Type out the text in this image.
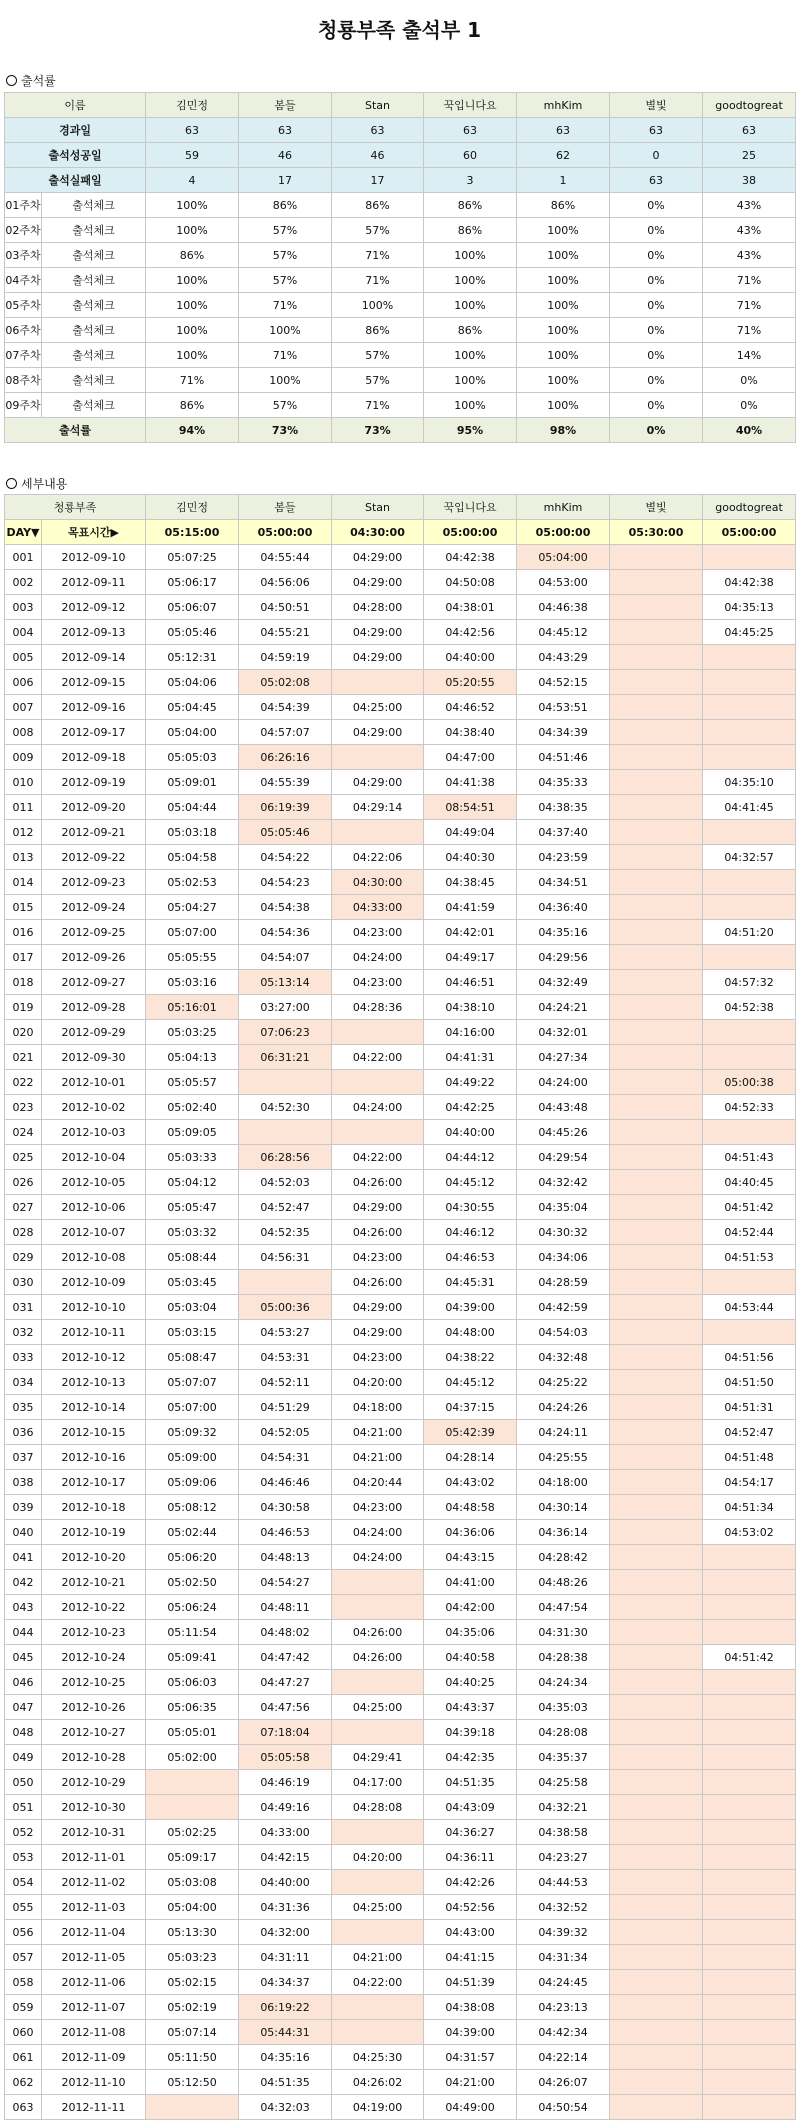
청룡부족 출석부 1
출석률
이름		김민정	봄들	Stan	꾹입니다요	mhKim	별빛	goodtogreat
경과일		63	63	63	63	63	63	63
출석성공일		59	46	46	60	62	0	25
출석실패일		4	17	17	3	1	63	38
01주차	출석체크	100%	86%	86%	86%	86%	0%	43%
02주차	출석체크	100%	57%	57%	86%	100%	0%	43%
03주차	출석체크	86%	57%	71%	100%	100%	0%	43%
04주차	출석체크	100%	57%	71%	100%	100%	0%	71%
05주차	출석체크	100%	71%	100%	100%	100%	0%	71%
06주차	출석체크	100%	100%	86%	86%	100%	0%	71%
07주차	출석체크	100%	71%	57%	100%	100%	0%	14%
08주차	출석체크	71%	100%	57%	100%	100%	0%	0%
09주차	출석체크	86%	57%	71%	100%	100%	0%	0%
출석률		94%	73%	73%	95%	98%	0%	40%
세부내용
청룡부족		김민정	봄들	Stan	꾹입니다요	mhKim	별빛	goodtogreat
DAY▼	목표시간▶	05:15:00	05:00:00	04:30:00	05:00:00	05:00:00	05:30:00	05:00:00
001	2012-09-10	05:07:25	04:55:44	04:29:00	04:42:38	05:04:00		
002	2012-09-11	05:06:17	04:56:06	04:29:00	04:50:08	04:53:00		04:42:38
003	2012-09-12	05:06:07	04:50:51	04:28:00	04:38:01	04:46:38		04:35:13
004	2012-09-13	05:05:46	04:55:21	04:29:00	04:42:56	04:45:12		04:45:25
005	2012-09-14	05:12:31	04:59:19	04:29:00	04:40:00	04:43:29		
006	2012-09-15	05:04:06	05:02:08		05:20:55	04:52:15		
007	2012-09-16	05:04:45	04:54:39	04:25:00	04:46:52	04:53:51		
008	2012-09-17	05:04:00	04:57:07	04:29:00	04:38:40	04:34:39		
009	2012-09-18	05:05:03	06:26:16		04:47:00	04:51:46		
010	2012-09-19	05:09:01	04:55:39	04:29:00	04:41:38	04:35:33		04:35:10
011	2012-09-20	05:04:44	06:19:39	04:29:14	08:54:51	04:38:35		04:41:45
012	2012-09-21	05:03:18	05:05:46		04:49:04	04:37:40		
013	2012-09-22	05:04:58	04:54:22	04:22:06	04:40:30	04:23:59		04:32:57
014	2012-09-23	05:02:53	04:54:23	04:30:00	04:38:45	04:34:51		
015	2012-09-24	05:04:27	04:54:38	04:33:00	04:41:59	04:36:40		
016	2012-09-25	05:07:00	04:54:36	04:23:00	04:42:01	04:35:16		04:51:20
017	2012-09-26	05:05:55	04:54:07	04:24:00	04:49:17	04:29:56		
018	2012-09-27	05:03:16	05:13:14	04:23:00	04:46:51	04:32:49		04:57:32
019	2012-09-28	05:16:01	03:27:00	04:28:36	04:38:10	04:24:21		04:52:38
020	2012-09-29	05:03:25	07:06:23		04:16:00	04:32:01		
021	2012-09-30	05:04:13	06:31:21	04:22:00	04:41:31	04:27:34		
022	2012-10-01	05:05:57			04:49:22	04:24:00		05:00:38
023	2012-10-02	05:02:40	04:52:30	04:24:00	04:42:25	04:43:48		04:52:33
024	2012-10-03	05:09:05			04:40:00	04:45:26		
025	2012-10-04	05:03:33	06:28:56	04:22:00	04:44:12	04:29:54		04:51:43
026	2012-10-05	05:04:12	04:52:03	04:26:00	04:45:12	04:32:42		04:40:45
027	2012-10-06	05:05:47	04:52:47	04:29:00	04:30:55	04:35:04		04:51:42
028	2012-10-07	05:03:32	04:52:35	04:26:00	04:46:12	04:30:32		04:52:44
029	2012-10-08	05:08:44	04:56:31	04:23:00	04:46:53	04:34:06		04:51:53
030	2012-10-09	05:03:45		04:26:00	04:45:31	04:28:59		
031	2012-10-10	05:03:04	05:00:36	04:29:00	04:39:00	04:42:59		04:53:44
032	2012-10-11	05:03:15	04:53:27	04:29:00	04:48:00	04:54:03		
033	2012-10-12	05:08:47	04:53:31	04:23:00	04:38:22	04:32:48		04:51:56
034	2012-10-13	05:07:07	04:52:11	04:20:00	04:45:12	04:25:22		04:51:50
035	2012-10-14	05:07:00	04:51:29	04:18:00	04:37:15	04:24:26		04:51:31
036	2012-10-15	05:09:32	04:52:05	04:21:00	05:42:39	04:24:11		04:52:47
037	2012-10-16	05:09:00	04:54:31	04:21:00	04:28:14	04:25:55		04:51:48
038	2012-10-17	05:09:06	04:46:46	04:20:44	04:43:02	04:18:00		04:54:17
039	2012-10-18	05:08:12	04:30:58	04:23:00	04:48:58	04:30:14		04:51:34
040	2012-10-19	05:02:44	04:46:53	04:24:00	04:36:06	04:36:14		04:53:02
041	2012-10-20	05:06:20	04:48:13	04:24:00	04:43:15	04:28:42		
042	2012-10-21	05:02:50	04:54:27		04:41:00	04:48:26		
043	2012-10-22	05:06:24	04:48:11		04:42:00	04:47:54		
044	2012-10-23	05:11:54	04:48:02	04:26:00	04:35:06	04:31:30		
045	2012-10-24	05:09:41	04:47:42	04:26:00	04:40:58	04:28:38		04:51:42
046	2012-10-25	05:06:03	04:47:27		04:40:25	04:24:34		
047	2012-10-26	05:06:35	04:47:56	04:25:00	04:43:37	04:35:03		
048	2012-10-27	05:05:01	07:18:04		04:39:18	04:28:08		
049	2012-10-28	05:02:00	05:05:58	04:29:41	04:42:35	04:35:37		
050	2012-10-29		04:46:19	04:17:00	04:51:35	04:25:58		
051	2012-10-30		04:49:16	04:28:08	04:43:09	04:32:21		
052	2012-10-31	05:02:25	04:33:00		04:36:27	04:38:58		
053	2012-11-01	05:09:17	04:42:15	04:20:00	04:36:11	04:23:27		
054	2012-11-02	05:03:08	04:40:00		04:42:26	04:44:53		
055	2012-11-03	05:04:00	04:31:36	04:25:00	04:52:56	04:32:52		
056	2012-11-04	05:13:30	04:32:00		04:43:00	04:39:32		
057	2012-11-05	05:03:23	04:31:11	04:21:00	04:41:15	04:31:34		
058	2012-11-06	05:02:15	04:34:37	04:22:00	04:51:39	04:24:45		
059	2012-11-07	05:02:19	06:19:22		04:38:08	04:23:13		
060	2012-11-08	05:07:14	05:44:31		04:39:00	04:42:34		
061	2012-11-09	05:11:50	04:35:16	04:25:30	04:31:57	04:22:14		
062	2012-11-10	05:12:50	04:51:35	04:26:02	04:21:00	04:26:07		
063	2012-11-11		04:32:03	04:19:00	04:49:00	04:50:54		
